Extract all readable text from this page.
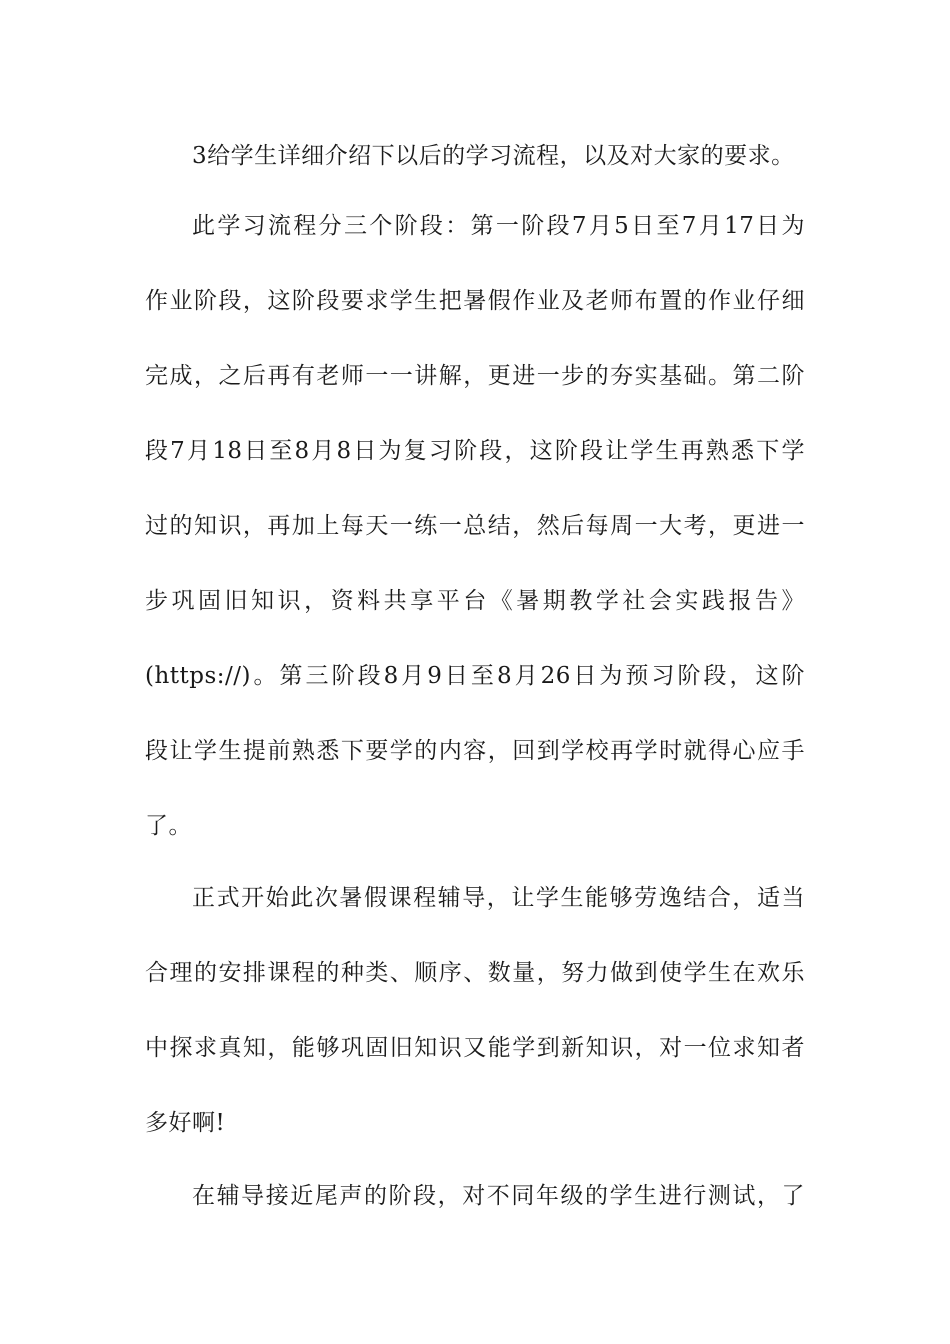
3给学生详细介绍下以后的学习流程，以及对大家的要求。
此学习流程分三个阶段：第一阶段7月5日至7月17日为
作业阶段，这阶段要求学生把暑假作业及老师布置的作业仔细
完成，之后再有老师一一讲解，更进一步的夯实基础。第二阶
段7月18日至8月8日为复习阶段，这阶段让学生再熟悉下学
过的知识，再加上每天一练一总结，然后每周一大考，更进一
步巩固旧知识，资料共享平台《暑期教学社会实践报告》
(https://)。第三阶段8月9日至8月26日为预习阶段，这阶
段让学生提前熟悉下要学的内容，回到学校再学时就得心应手
了。
正式开始此次暑假课程辅导，让学生能够劳逸结合，适当
合理的安排课程的种类、顺序、数量，努力做到使学生在欢乐
中探求真知，能够巩固旧知识又能学到新知识，对一位求知者
多好啊!
在辅导接近尾声的阶段，对不同年级的学生进行测试，了
